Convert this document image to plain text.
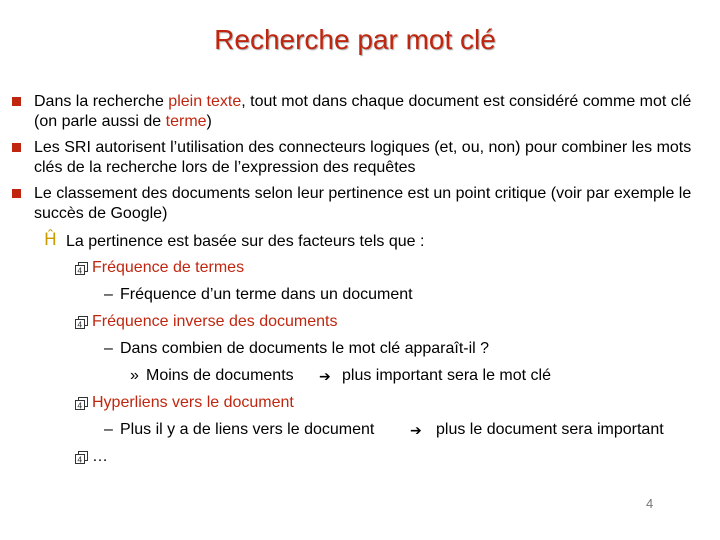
Recherche par mot clé
Dans la recherche plein texte, tout mot dans chaque document est considéré comme mot clé (on parle aussi de terme)
Les SRI autorisent l’utilisation des connecteurs logiques (et, ou, non) pour combiner les mots clés de la recherche lors de l’expression des requêtes
Le classement des documents selon leur pertinence est un point critique (voir par exemple le succès de Google)
Ĥ La pertinence est basée sur des facteurs tels que :
4 Fréquence de termes
– Fréquence d’un terme dans un document
4 Fréquence inverse des documents
– Dans combien de documents le mot clé apparaît-il ?
» Moins de documents ➔ plus important sera le mot clé
4 Hyperliens vers le document
– Plus il y a de liens vers le document	➔ plus le document sera important
4 …
4
